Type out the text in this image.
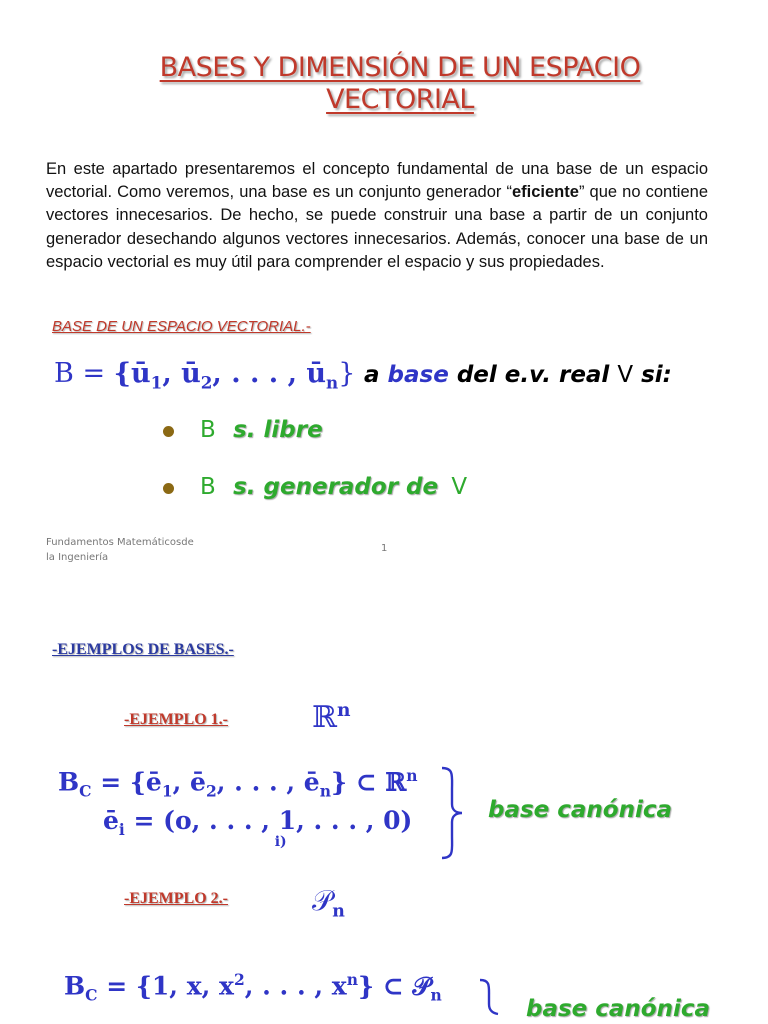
BASES Y DIMENSIÓN DE UN ESPACIO
VECTORIAL
En este apartado presentaremos el concepto fundamental de una base de un espacio vectorial. Como veremos, una base es un conjunto generador “eficiente” que no contiene vectores innecesarios. De hecho, se puede construir una base a partir de un conjunto generador desechando algunos vectores innecesarios. Además, conocer una base de un espacio vectorial es muy útil para comprender el espacio y sus propiedades.
BASE DE UN ESPACIO VECTORIAL.-
$B = \{ū_1$, $ū_2$, . . . , $ū_n$} a base del e.v. real V si:
B s. libre
B s. generador de V
Fundamentos Matemáticosde
la Ingeniería
1
-EJEMPLOS DE BASES.-
-EJEMPLO 1.-	ℝ$^n$
$B_C$ = {$ē_1$, $ē_2$, . . . , $ē_n$} ⊂ ℝ$^n$
$ē_i = (o$, . . . , 1
i)
, . . . , 0)	base canónica
-EJEMPLO 2.-	𝒫$_n$
$B_C = \{1$, x, $x^2$, . . . , $x^n$} ⊂ 𝒫$_n$
base canónica
